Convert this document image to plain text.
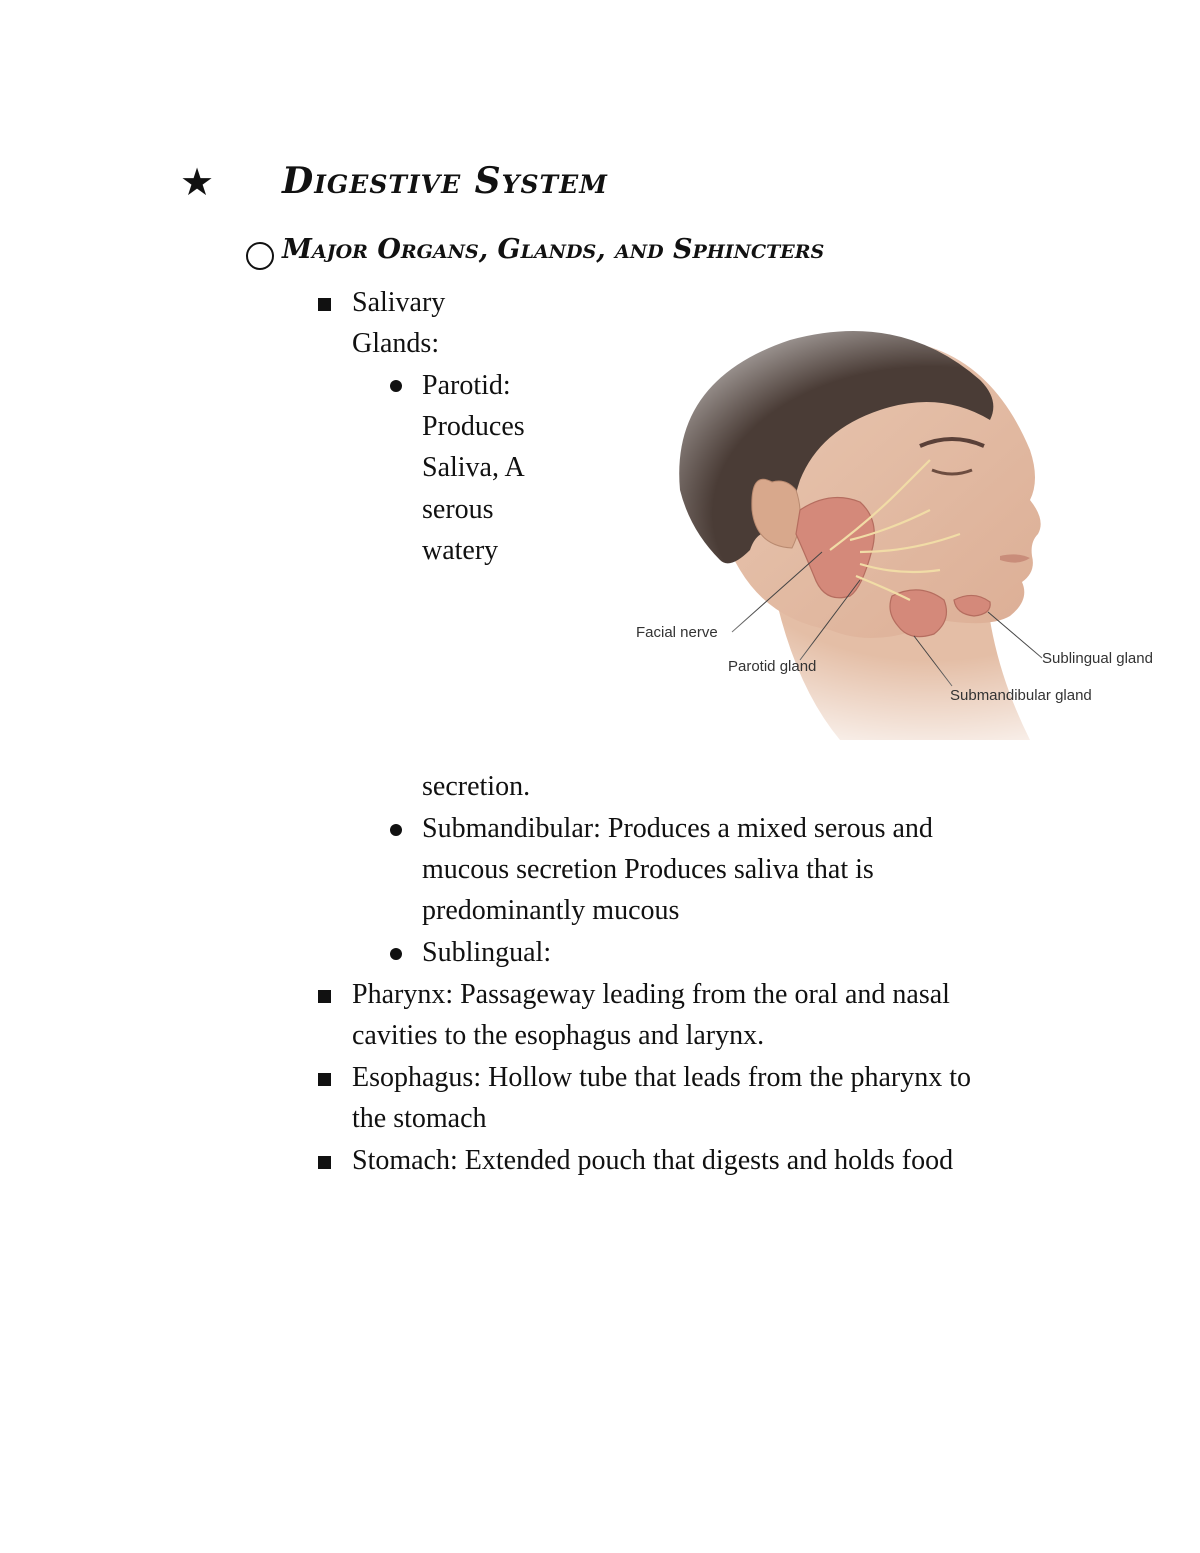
★ Digestive System
Major Organs, Glands, and Sphincters
Salivary
Glands:
Parotid:
Produces
Saliva, A
serous
watery
secretion.
Submandibular: Produces a mixed serous and
mucous secretion Produces saliva that is
predominantly mucous
Sublingual:
Pharynx: Passageway leading from the oral and nasal
cavities to the esophagus and larynx.
Esophagus: Hollow tube that leads from the pharynx to
the stomach
Stomach: Extended pouch that digests and holds food
Facial nerve
Parotid gland	Sublingual gland
Submandibular gland
